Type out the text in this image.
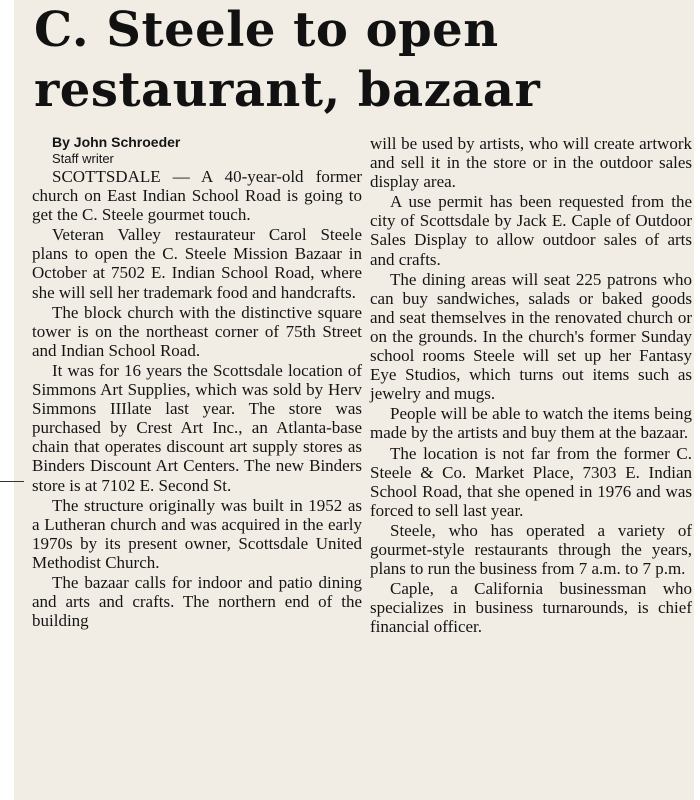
C. Steele to open
restaurant, bazaar

By John Schroeder

Staff writer

SCOTTSDALE — A 40-year-old former church on East Indian School Road is going to get the C. Steele gourmet touch.

Veteran Valley restaurateur Carol Steele plans to open the C. Steele Mission Bazaar in October at 7502 E. Indian School Road, where she will sell her trademark food and handcrafts.

The block church with the distinctive square tower is on the northeast corner of 75th Street and Indian School Road.

It was for 16 years the Scottsdale location of Simmons Art Supplies, which was sold by Herv Simmons IIIlate last year. The store was purchased by Crest Art Inc., an Atlanta-base chain that operates discount art supply stores as Binders Discount Art Centers. The new Binders store is at 7102 E. Second St.

The structure originally was built in 1952 as a Lutheran church and was acquired in the early 1970s by its present owner, Scottsdale United Methodist Church.

The bazaar calls for indoor and patio dining and arts and crafts. The northern end of the building

will be used by artists, who will create artwork and sell it in the store or in the outdoor sales display area.

A use permit has been requested from the city of Scottsdale by Jack E. Caple of Outdoor Sales Display to allow outdoor sales of arts and crafts.

The dining areas will seat 225 patrons who can buy sandwiches, salads or baked goods and seat themselves in the renovated church or on the grounds. In the church's former Sunday school rooms Steele will set up her Fantasy Eye Studios, which turns out items such as jewelry and mugs.

People will be able to watch the items being made by the artists and buy them at the bazaar.

The location is not far from the former C. Steele & Co. Market Place, 7303 E. Indian School Road, that she opened in 1976 and was forced to sell last year.

Steele, who has operated a variety of gourmet-style restaurants through the years, plans to run the business from 7 a.m. to 7 p.m.

Caple, a California businessman who specializes in business turnarounds, is chief financial officer.
